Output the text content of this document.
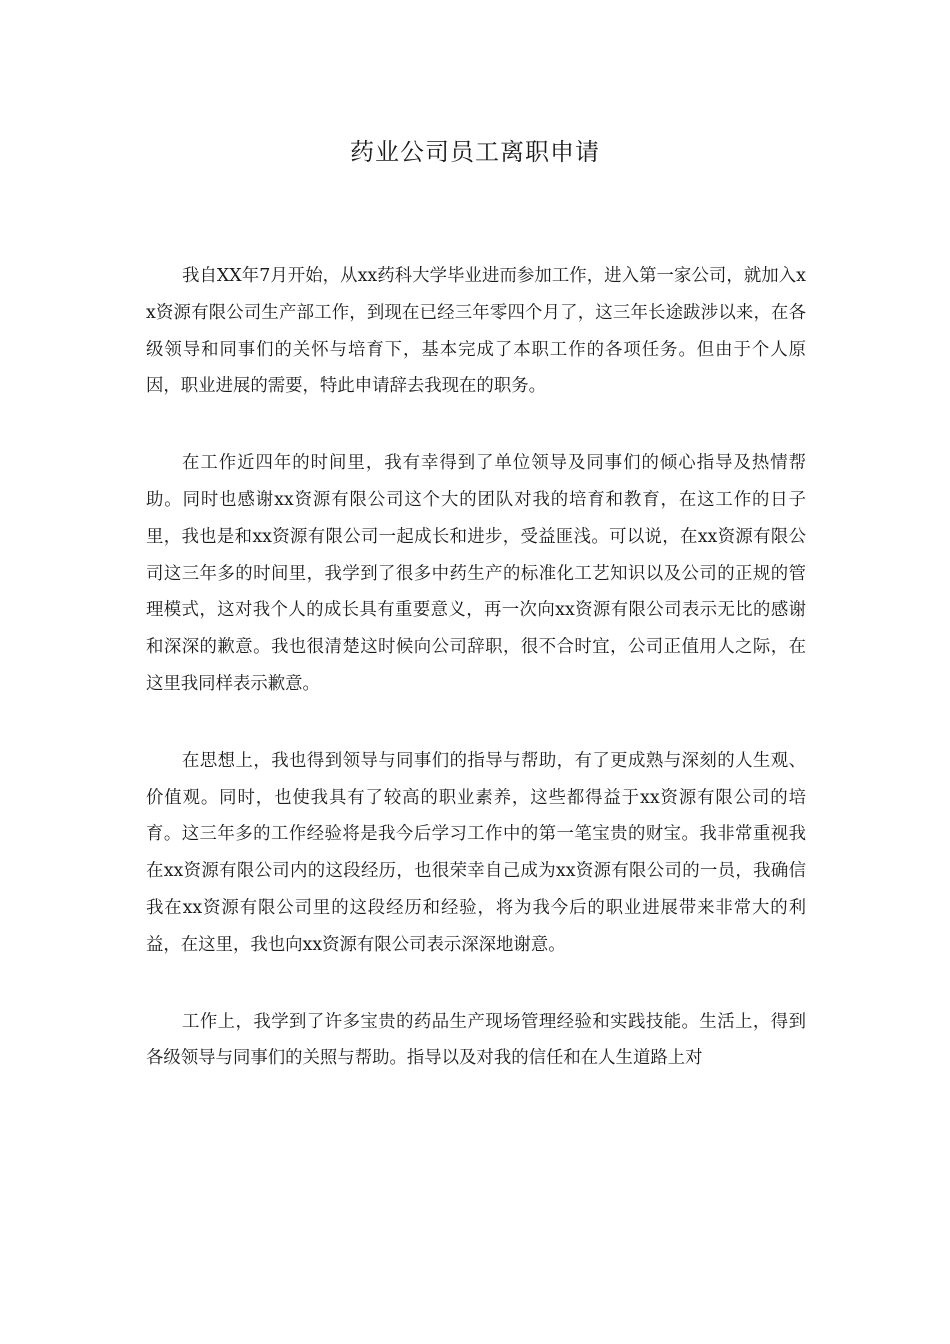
药业公司员工离职申请

我自XX年7月开始，从xx药科大学毕业进而参加工作，进入第一家公司，就加入xx资源有限公司生产部工作，到现在已经三年零四个月了，这三年长途跋涉以来，在各级领导和同事们的关怀与培育下，基本完成了本职工作的各项任务。但由于个人原因，职业进展的需要，特此申请辞去我现在的职务。

在工作近四年的时间里，我有幸得到了单位领导及同事们的倾心指导及热情帮助。同时也感谢xx资源有限公司这个大的团队对我的培育和教育，在这工作的日子里，我也是和xx资源有限公司一起成长和进步，受益匪浅。可以说，在xx资源有限公司这三年多的时间里，我学到了很多中药生产的标准化工艺知识以及公司的正规的管理模式，这对我个人的成长具有重要意义，再一次向xx资源有限公司表示无比的感谢和深深的歉意。我也很清楚这时候向公司辞职，很不合时宜，公司正值用人之际，在这里我同样表示歉意。

在思想上，我也得到领导与同事们的指导与帮助，有了更成熟与深刻的人生观、价值观。同时，也使我具有了较高的职业素养，这些都得益于xx资源有限公司的培育。这三年多的工作经验将是我今后学习工作中的第一笔宝贵的财宝。我非常重视我在xx资源有限公司内的这段经历，也很荣幸自己成为xx资源有限公司的一员，我确信我在xx资源有限公司里的这段经历和经验，将为我今后的职业进展带来非常大的利益，在这里，我也向xx资源有限公司表示深深地谢意。

工作上，我学到了许多宝贵的药品生产现场管理经验和实践技能。生活上，得到各级领导与同事们的关照与帮助。指导以及对我的信任和在人生道路上对
